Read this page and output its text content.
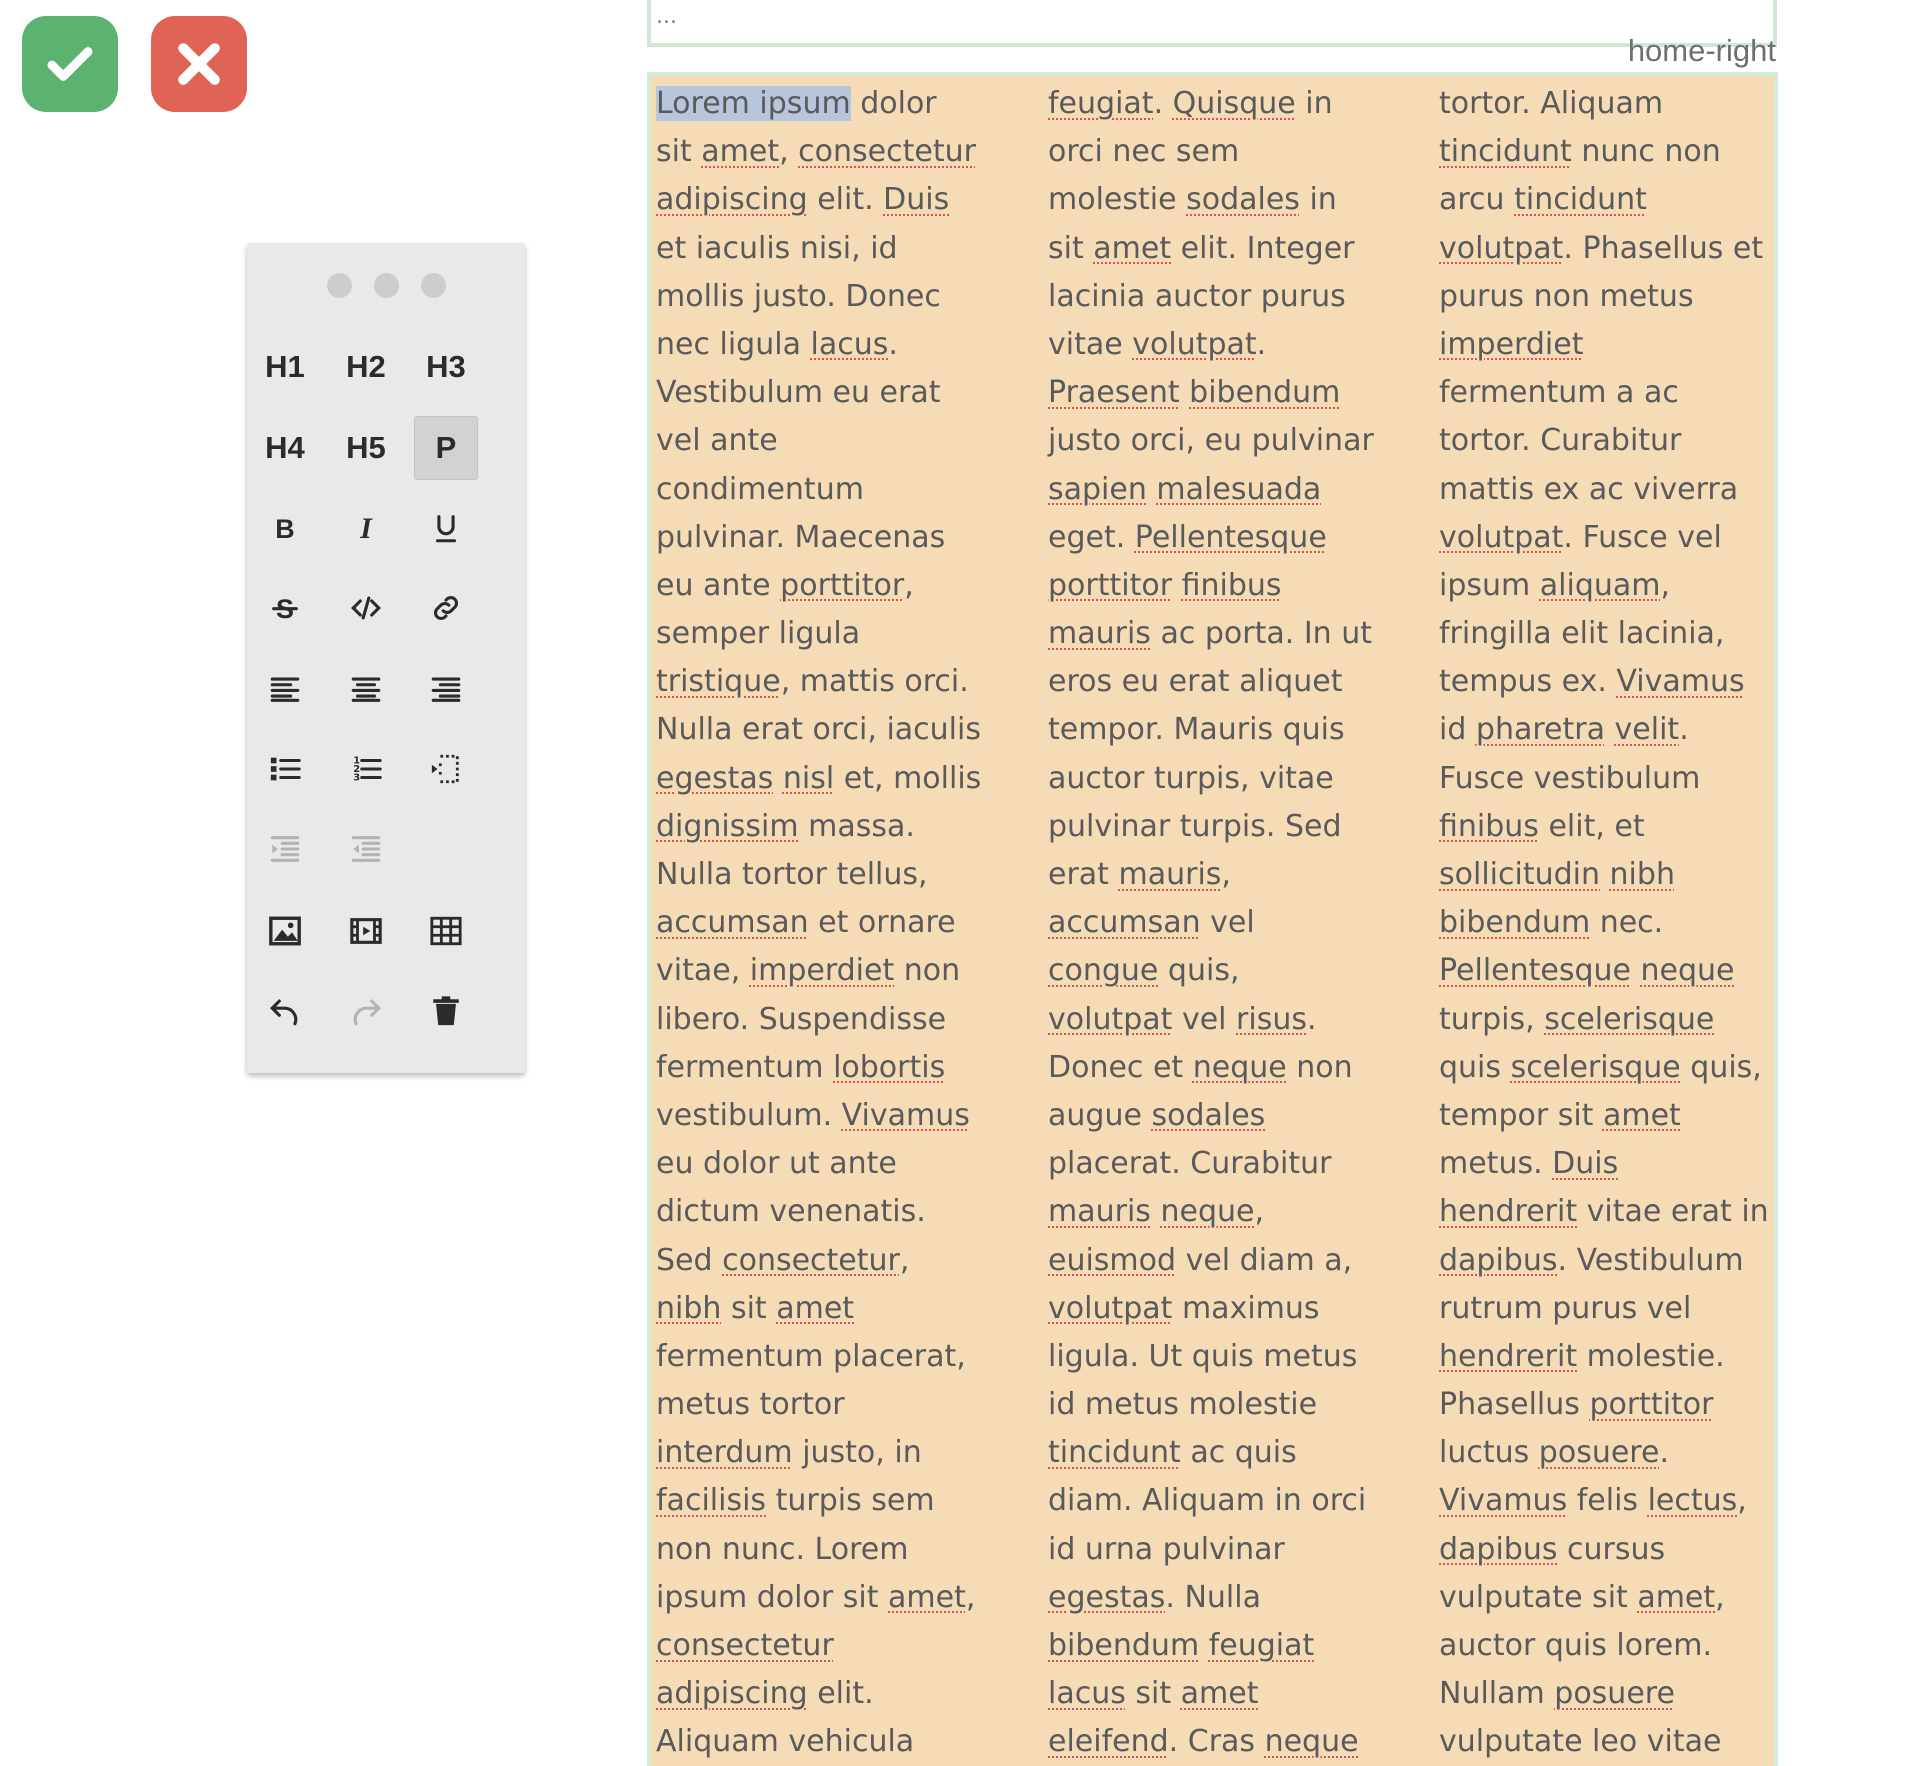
H1 H2 H3
H4 H5 P
B	I
S
1
2
3
...
home-right
Lorem ipsum dolor
sit amet, consectetur
adipiscing elit. Duis
et iaculis nisi, id
mollis justo. Donec
nec ligula lacus.
Vestibulum eu erat
vel ante
condimentum
pulvinar. Maecenas
eu ante porttitor,
semper ligula
tristique, mattis orci.
Nulla erat orci, iaculis
egestas nisl et, mollis
dignissim massa.
Nulla tortor tellus,
accumsan et ornare
vitae, imperdiet non
libero. Suspendisse
fermentum lobortis
vestibulum. Vivamus
eu dolor ut ante
dictum venenatis.
Sed consectetur,
nibh sit amet
fermentum placerat,
metus tortor
interdum justo, in
facilisis turpis sem
non nunc. Lorem
ipsum dolor sit amet,
consectetur
adipiscing elit.
Aliquam vehicula
feugiat. Quisque in
orci nec sem
molestie sodales in
sit amet elit. Integer
lacinia auctor purus
vitae volutpat.
Praesent bibendum
justo orci, eu pulvinar
sapien malesuada
eget. Pellentesque
porttitor finibus
mauris ac porta. In ut
eros eu erat aliquet
tempor. Mauris quis
auctor turpis, vitae
pulvinar turpis. Sed
erat mauris,
accumsan vel
congue quis,
volutpat vel risus.
Donec et neque non
augue sodales
placerat. Curabitur
mauris neque,
euismod vel diam a,
volutpat maximus
ligula. Ut quis metus
id metus molestie
tincidunt ac quis
diam. Aliquam in orci
id urna pulvinar
egestas. Nulla
bibendum feugiat
lacus sit amet
eleifend. Cras neque
tortor. Aliquam
tincidunt nunc non
arcu tincidunt
volutpat. Phasellus et
purus non metus
imperdiet
fermentum a ac
tortor. Curabitur
mattis ex ac viverra
volutpat. Fusce vel
ipsum aliquam,
fringilla elit lacinia,
tempus ex. Vivamus
id pharetra velit.
Fusce vestibulum
finibus elit, et
sollicitudin nibh
bibendum nec.
Pellentesque neque
turpis, scelerisque
quis scelerisque quis,
tempor sit amet
metus. Duis
hendrerit vitae erat in
dapibus. Vestibulum
rutrum purus vel
hendrerit molestie.
Phasellus porttitor
luctus posuere.
Vivamus felis lectus,
dapibus cursus
vulputate sit amet,
auctor quis lorem.
Nullam posuere
vulputate leo vitae
